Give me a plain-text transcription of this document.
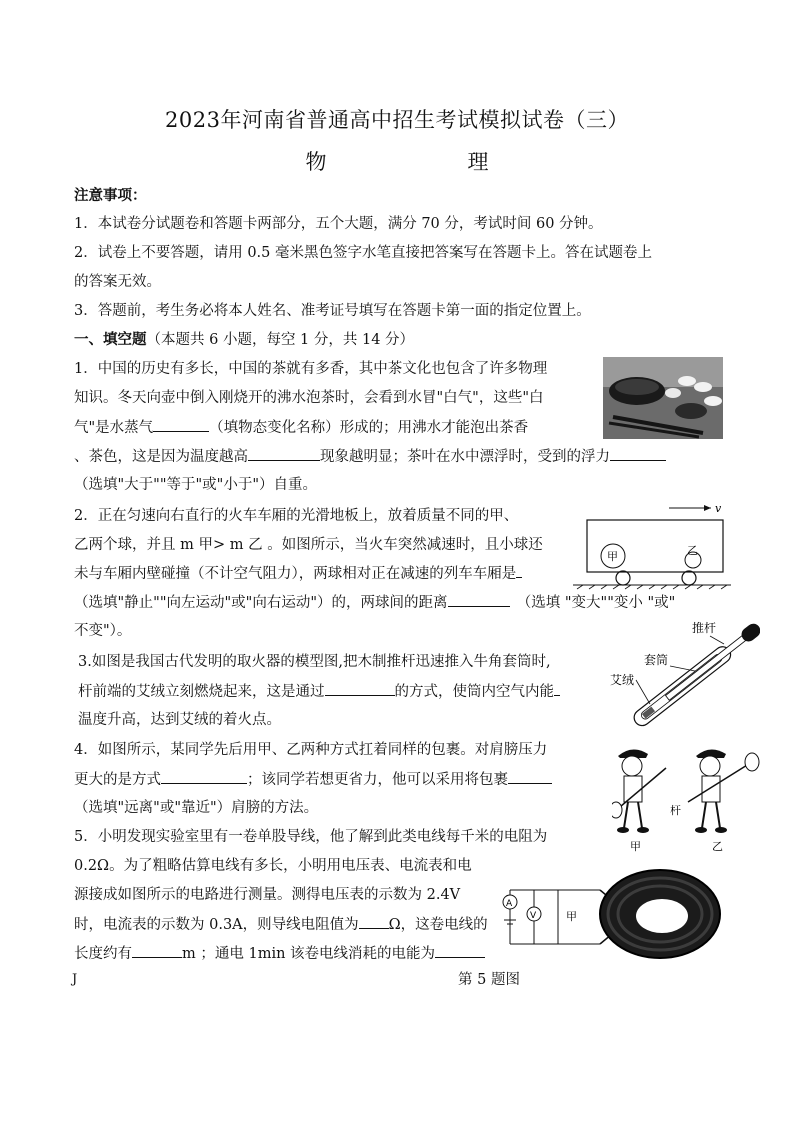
2023年河南省普通高中招生考试模拟试卷（三）
物　理
注意事项：
1．本试卷分试题卷和答题卡两部分，五个大题，满分 70 分，考试时间 60 分钟。
2．试卷上不要答题，请用 0.5 毫米黑色签字水笔直接把答案写在答题卡上。答在试题卷上
的答案无效。
3．答题前，考生务必将本人姓名、准考证号填写在答题卡第一面的指定位置上。
一、填空题（本题共 6 小题，每空 1 分，共 14 分）
1．中国的历史有多长，中国的茶就有多香，其中茶文化也包含了许多物理
知识。冬天向壶中倒入刚烧开的沸水泡茶时，会看到水冒"白气"，这些"白
气"是水蒸气	（填物态变化名称）形成的；用沸水才能泡出茶香
、茶色，这是因为温度越高	现象越明显；茶叶在水中漂浮时，受到的浮力
（选填"大于""等于"或"小于"）自重。
2．正在匀速向右直行的火车车厢的光滑地板上，放着质量不同的甲、
乙两个球，并且 m 甲> m 乙 。如图所示，当火车突然减速时，且小球还
未与车厢内壁碰撞（不计空气阻力），两球相对正在减速的列车车厢是
（选填"静止""向左运动"或"向右运动"）的，两球间的距离　	（选填 "变大""变小 "或"
不变"）。
v
甲	乙
3.如图是我国古代发明的取火器的模型图,把木制推杆迅速推入牛角套筒时,
杆前端的艾绒立刻燃烧起来，这是通过	的方式，使筒内空气内能
温度升高，达到艾绒的着火点。
推杆
套筒
艾绒
4．如图所示，某同学先后用甲、乙两种方式扛着同样的包裹。对肩膀压力
更大的是方式	；该同学若想更省力，他可以采用将包裹
（选填"远离"或"靠近"）肩膀的方法。	杆
甲	乙
5．小明发现实验室里有一卷单股导线，他了解到此类电线每千米的电阻为
0.2Ω。为了粗略估算电线有多长，小明用电压表、电流表和电
源接成如图所示的电路进行测量。测得电压表的示数为 2.4V
时，电流表的示数为 0.3A，则导线电阻值为 Ω，这卷电线的
长度约有	m ；通电 1min 该卷电线消耗的电能为
A
V	甲
J	第 5 题图
